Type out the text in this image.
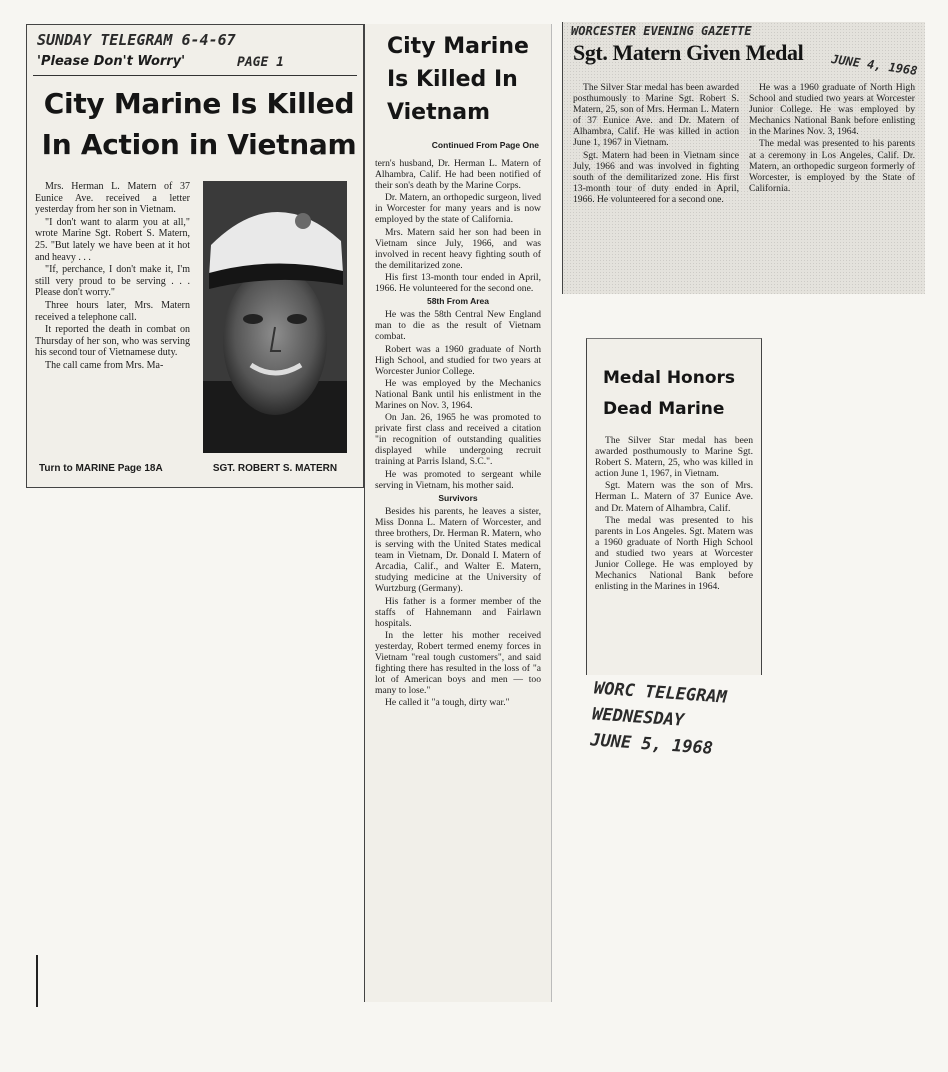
SUNDAY TELEGRAM 6-4-67
PAGE 1
'Please Don't Worry'
City Marine Is Killed In Action in Vietnam

Mrs. Herman L. Matern of 37 Eunice Ave. received a letter yesterday from her son in Vietnam.

"I don't want to alarm you at all," wrote Marine Sgt. Robert S. Matern, 25. "But lately we have been at it hot and heavy . . .

"If, perchance, I don't make it, I'm still very proud to be serving . . . Please don't worry."

Three hours later, Mrs. Matern received a telephone call.

It reported the death in combat on Thursday of her son, who was serving his second tour of Vietnamese duty.

The call came from Mrs. Ma-

Turn to MARINE Page 18A	SGT. ROBERT S. MATERN
City Marine Is Killed In Vietnam
Continued From Page One

tern's husband, Dr. Herman L. Matern of Alhambra, Calif. He had been notified of their son's death by the Marine Corps.

Dr. Matern, an orthopedic surgeon, lived in Worcester for many years and is now employed by the state of California.

Mrs. Matern said her son had been in Vietnam since July, 1966, and was involved in recent heavy fighting south of the demilitarized zone.

His first 13-month tour ended in April, 1966. He volunteered for the second one.

58th From Area

He was the 58th Central New England man to die as the result of Vietnam combat.

Robert was a 1960 graduate of North High School, and studied for two years at Worcester Junior College.

He was employed by the Mechanics National Bank until his enlistment in the Marines on Nov. 3, 1964.

On Jan. 26, 1965 he was promoted to private first class and received a citation "in recognition of outstanding qualities displayed while undergoing recruit training at Parris Island, S.C.".

He was promoted to sergeant while serving in Vietnam, his mother said.

Survivors

Besides his parents, he leaves a sister, Miss Donna L. Matern of Worcester, and three brothers, Dr. Herman R. Matern, who is serving with the United States medical team in Vietnam, Dr. Donald I. Matern of Arcadia, Calif., and Walter E. Matern, studying medicine at the University of Wurtzburg (Germany).

His father is a former member of the staffs of Hahnemann and Fairlawn hospitals.

In the letter his mother received yesterday, Robert termed enemy forces in Vietnam "real tough customers", and said fighting there has resulted in the loss of "a lot of American boys and men — too many to lose."

He called it "a tough, dirty war."

WORCESTER EVENING GAZETTE
Sgt. Matern Given Medal JUNE 4, 1968

The Silver Star medal has been awarded posthumously to Marine Sgt. Robert S. Matern, 25, son of Mrs. Herman L. Matern of 37 Eunice Ave. and Dr. Matern of Alhambra, Calif. He was killed in action June 1, 1967 in Vietnam.

Sgt. Matern had been in Vietnam since July, 1966 and was involved in fighting south of the demilitarized zone. His first 13-month tour of duty ended in April, 1966. He volunteered for a second one.

He was a 1960 graduate of North High School and studied two years at Worcester Junior College. He was employed by Mechanics National Bank before enlisting in the Marines Nov. 3, 1964.

The medal was presented to his parents at a ceremony in Los Angeles, Calif. Dr. Matern, an orthopedic surgeon formerly of Worcester, is employed by the State of California.

Medal Honors Dead Marine

The Silver Star medal has been awarded posthumously to Marine Sgt. Robert S. Matern, 25, who was killed in action June 1, 1967, in Vietnam.

Sgt. Matern was the son of Mrs. Herman L. Matern of 37 Eunice Ave. and Dr. Matern of Alhambra, Calif.

The medal was presented to his parents in Los Angeles. Sgt. Matern was a 1960 graduate of North High School and studied two years at Worcester Junior College. He was employed by Mechanics National Bank before enlisting in the Marines in 1964.

WORC TELEGRAM
WEDNESDAY
JUNE 5, 1968
